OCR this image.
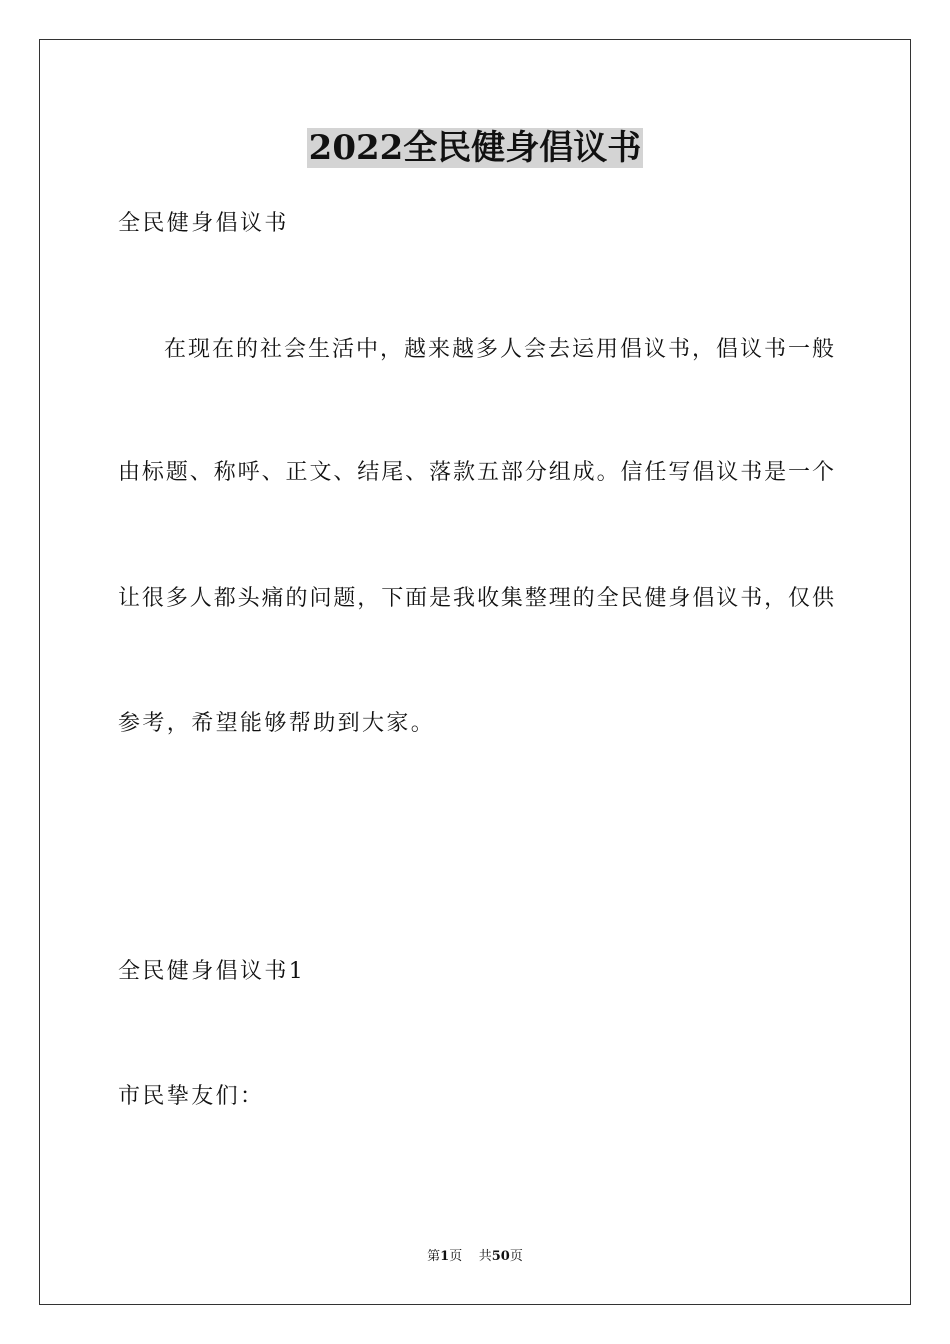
2022全民健身倡议书

全民健身倡议书

在现在的社会生活中，越来越多人会去运用倡议书，倡议书一般

由标题、称呼、正文、结尾、落款五部分组成。信任写倡议书是一个

让很多人都头痛的问题，下面是我收集整理的全民健身倡议书，仅供

参考，希望能够帮助到大家。

全民健身倡议书1

市民挚友们：

第1页 共50页
